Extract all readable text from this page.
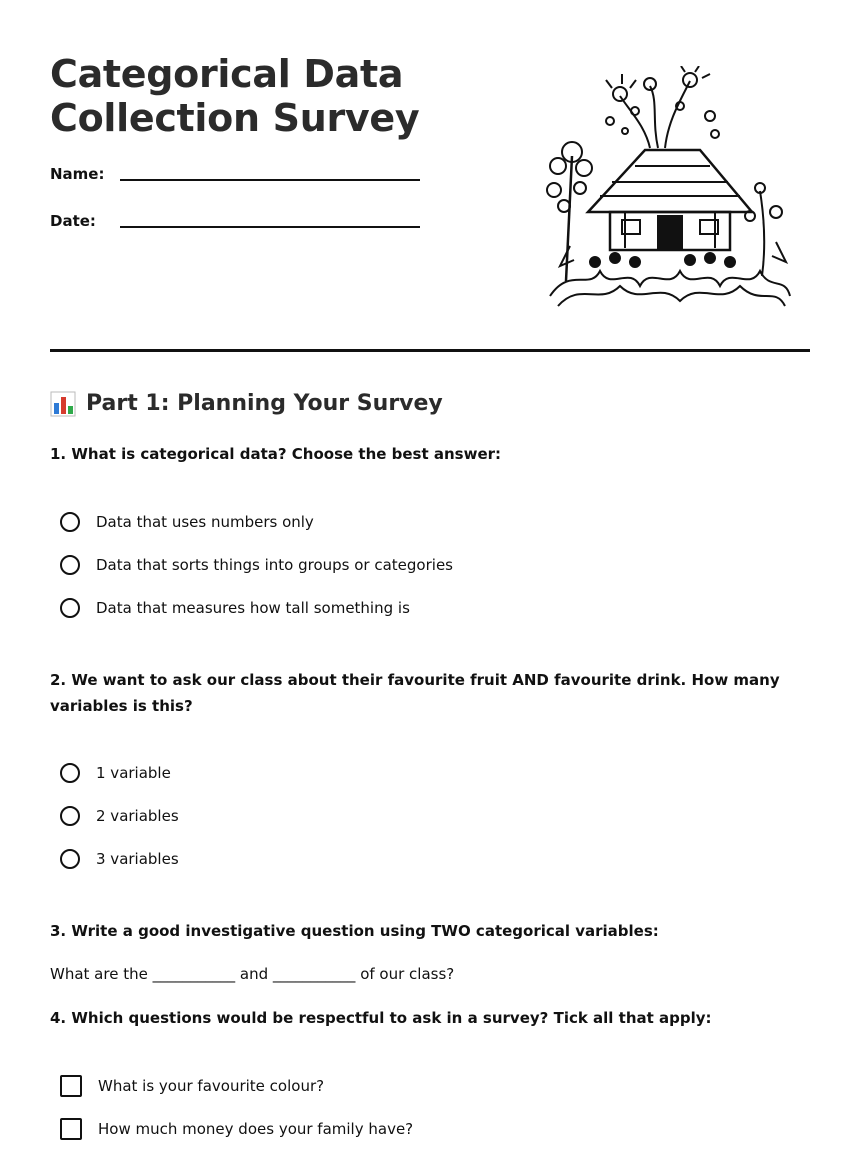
Categorical Data
Collection Survey
Name:
Date:
Part 1: Planning Your Survey

1. What is categorical data? Choose the best answer:

Data that uses numbers only
Data that sorts things into groups or categories
Data that measures how tall something is

2. We want to ask our class about their favourite fruit AND favourite drink. How many variables is this?

1 variable
2 variables
3 variables

3. Write a good investigative question using TWO categorical variables:

What are the ___________ and ___________ of our class?

4. Which questions would be respectful to ask in a survey? Tick all that apply:

What is your favourite colour?
How much money does your family have?
